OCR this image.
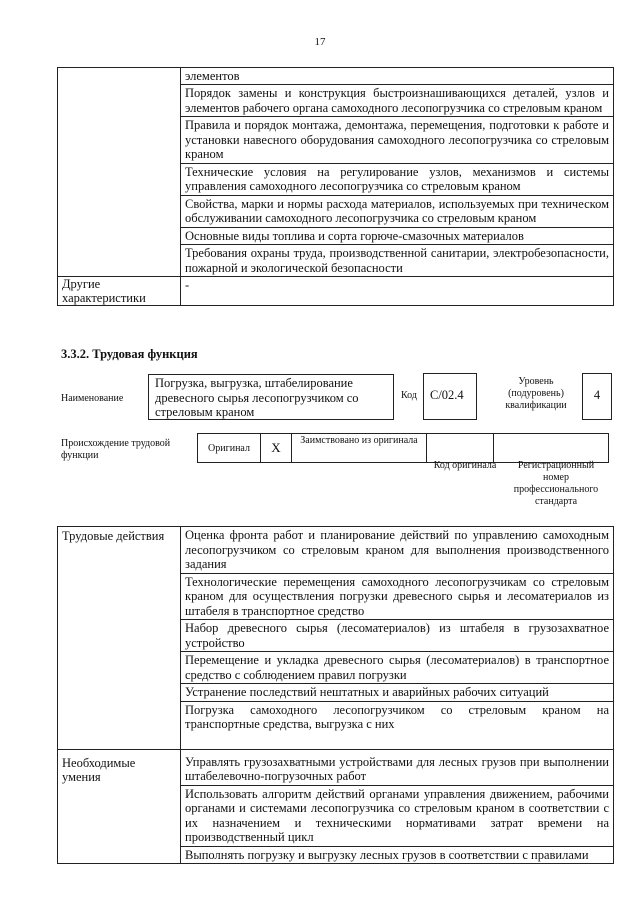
17
	элементов
	Порядок замены и конструкция быстроизнашивающихся деталей, узлов и элементов рабочего органа самоходного лесопогрузчика со стреловым краном
	Правила и порядок монтажа, демонтажа, перемещения, подготовки к работе и установки навесного оборудования самоходного лесопогрузчика со стреловым краном
	Технические условия на регулирование узлов, механизмов и системы управления самоходного лесопогрузчика со стреловым краном
	Свойства, марки и нормы расхода материалов, используемых при техническом обслуживании самоходного лесопогрузчика со стреловым краном
	Основные виды топлива и сорта горюче-смазочных материалов
	Требования охраны труда, производственной санитарии, электробезопасности, пожарной и экологической безопасности
Другие характеристики	-
3.3.2. Трудовая функция
Наименование
Погрузка, выгрузка, штабелирование древесного сырья лесопогрузчиком со стреловым краном
Код	C/02.4
Уровень (подуровень) квалификации
4
Происхождение трудовой функции
Оригинал	X	Заимствовано из оригинала		
Код оригинала	Регистрационный номер профессионального стандарта
Трудовые действия	Оценка фронта работ и планирование действий по управлению самоходным лесопогрузчиком со стреловым краном для выполнения производственного задания
	Технологические перемещения самоходного лесопогрузчикам со стреловым краном для осуществления погрузки древесного сырья и лесоматериалов из штабеля в транспортное средство
	Набор древесного сырья (лесоматериалов) из штабеля в грузозахватное устройство
	Перемещение и укладка древесного сырья (лесоматериалов) в транспортное средство с соблюдением правил погрузки
	Устранение последствий нештатных и аварийных рабочих ситуаций
	Погрузка самоходного лесопогрузчиком со стреловым краном на транспортные средства, выгрузка с них
Необходимые умения	Управлять грузозахватными устройствами для лесных грузов при выполнении штабелевочно-погрузочных работ
	Использовать алгоритм действий органами управления движением, рабочими органами и системами лесопогрузчика со стреловым краном в соответствии с их назначением и техническими нормативами затрат времени на производственный цикл
	Выполнять погрузку и выгрузку лесных грузов в соответствии с правилами
